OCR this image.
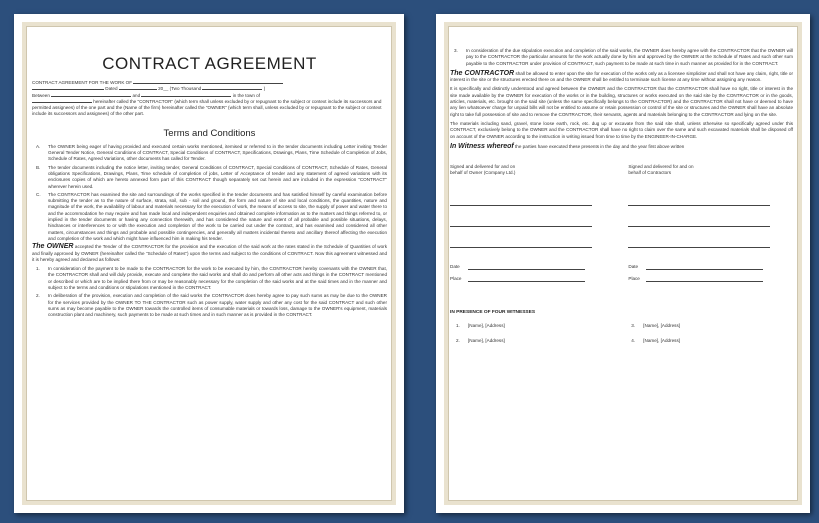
CONTRACT AGREEMENT
CONTRACT AGREEMENT FOR THE WORK OF
Dated	20__ (Two Thousand	)
Between	and	in the town of
hereinafter called the "CONTRACTOR" (which term shall unless excluded by or repugnant to the subject or context include its successors and permitted assignees) of the one part and the (Name of the firm) hereinafter called the "OWNER" (which term shall, unless excluded by or repugnant to the subject or context include its successors and assignees) of the other part.
Terms and Conditions
A.	The OWNER being eager of having provided and executed certain works mentioned, itemised or referred to in the tender documents including Letter inviting Tender General Tender Notice, General Conditions of CONTRACT, Special Conditions of CONTRACT, Specifications, Drawings, Plans, Time Schedule of Completion of Jobs, Schedule of Rates, Agreed Variations, other documents has called for Tender.
B.	The tender documents including the notice letter, inviting tender, General Conditions of CONTRACT, Special Conditions of CONTRACT, Schedule of Rates, General obligations Specifications, Drawings, Plans, Time schedule of completion of jobs, Letter of Acceptance of tender and any statement of agreed variations with its enclosures copies of which are hereto annexed form part of this CONTRACT though separately set out herein and are included in the expression "CONTRACT" wherever herein used.
C.	The CONTRACTOR has examined the site and surroundings of the works specified in the tender documents and has satisfied himself by careful examination before submitting the tender as to the nature of surface, strata, soil, sub - soil and ground, the form and nature of site and local conditions, the quantities, nature and magnitude of the work, the availability of labour and materials necessary for the execution of work, the means of access to site, the supply of power and water there to and the accommodation he may require and has made local and independent enquiries and obtained complete information as to the matters and things referred to, or implied in the tender documents or having any connection therewith, and has considered the nature and extent of all probable and possible situations, delays, hindrances or interferences to or with the execution and completion of the work to be carried out under the contract, and has examined and considered all other matters, circumstances and things and probable and possible contingencies, and generally all matters incidental thereto and ancillary thereof affecting the execution and completion of the work and which might have influenced him in making his tender.
The OWNER accepted the Tender of the CONTRACTOR for the provision and the execution of the said work at the rates stated in the Schedule of Quantities of work and finally approved by OWNER (hereinafter called the "Schedule of Rates") upon the terms and subject to the conditions of CONTRACT. Now this agreement witnessed and it is hereby agreed and declared as follows:
1.	In consideration of the payment to be made to the CONTRACTOR for the work to be executed by him, the CONTRACTOR hereby covenants with the OWNER that, the CONTRACTOR shall and will duly provide, execute and complete the said works and shall do and perform all other acts and things in the CONTRACT mentioned or described or which are to be implied there from or may be reasonably necessary for the completion of the said works and at the said times and in the manner and subject to the terms and conditions or stipulations mentioned in the CONTRACT.
2.	In deliberation of the provision, execution and completion of the said works the CONTRACTOR does hereby agree to pay such sums as may be due to the OWNER for the services provided by the OWNER TO THE CONTRACTOR such as power supply, water supply and other any cost for the said CONTRACT and such other sums as may become payable to the OWNER towards the controlled items of consumable materials or towards loss, damage to the OWNER's equipment, materials construction plant and machinery, such payments to be made at such times and in such manner as is provided in the CONTRACT.
3.	In consideration of the due stipulation execution and completion of the said works, the OWNER does hereby agree with the CONTRACTOR that the OWNER will pay to the CONTRACTOR the particular amounts for the work actually done by him and approved by the OWNER at the Schedule of Rates and such other sum payable to the CONTRACTOR under provision of CONTRACT, such payment to be made at such time in such manner as provided for in the CONTRACT.
The CONTRACTOR shall be allowed to enter upon the site for execution of the works only as a licensee simpliciter and shall not have any claim, right, title or interest in the site or the structures erected there on and the OWNER shall be entitled to terminate such license at any time without assigning any reason.
It is specifically and distinctly understood and agreed between the OWNER and the CONTRACTOR that the CONTRACTOR shall have no right, title or interest in the site made available by the OWNER for execution of the works or in the building, structures or works executed on the said site by the CONTRACTOR or in the goods, articles, materials, etc. brought on the said site (unless the same specifically belongs to the CONTRACTOR) and the CONTRACTOR shall not have or deemed to have any lien whatsoever charge for unpaid bills will not be entitled to assume or retain possession or control of the site or structures and the OWNER shall have an absolute right to take full possession of site and to remove the CONTRACTOR, their servants, agents and materials belonging to the CONTRACTOR and lying on the site.
The materials including sand, gravel, stone loose earth, rock, etc. dug up or excavate from the said site shall, unless otherwise so specifically agreed under this CONTRACT, exclusively belong to the OWNER and the CONTRACTOR shall have no right to claim over the same and such excavated materials shall be disposed off on account of the OWNER according to the instruction in writing issued from time to time by the ENGINEER-IN-CHARGE.
In Witness whereof the parties have executed these presents in the day and the year first above written
Signed and delivered for and on
behalf of Owner (Company Ltd.)
Date
Place
Signed and delivered for and on
behalf of Contractors
Date
Place
IN PRESENCE OF FOUR WITNESSES
1.	[Name], [Address]	3.	[Name], [Address]
2.	[Name], [Address]	4.	[Name], [Address]
